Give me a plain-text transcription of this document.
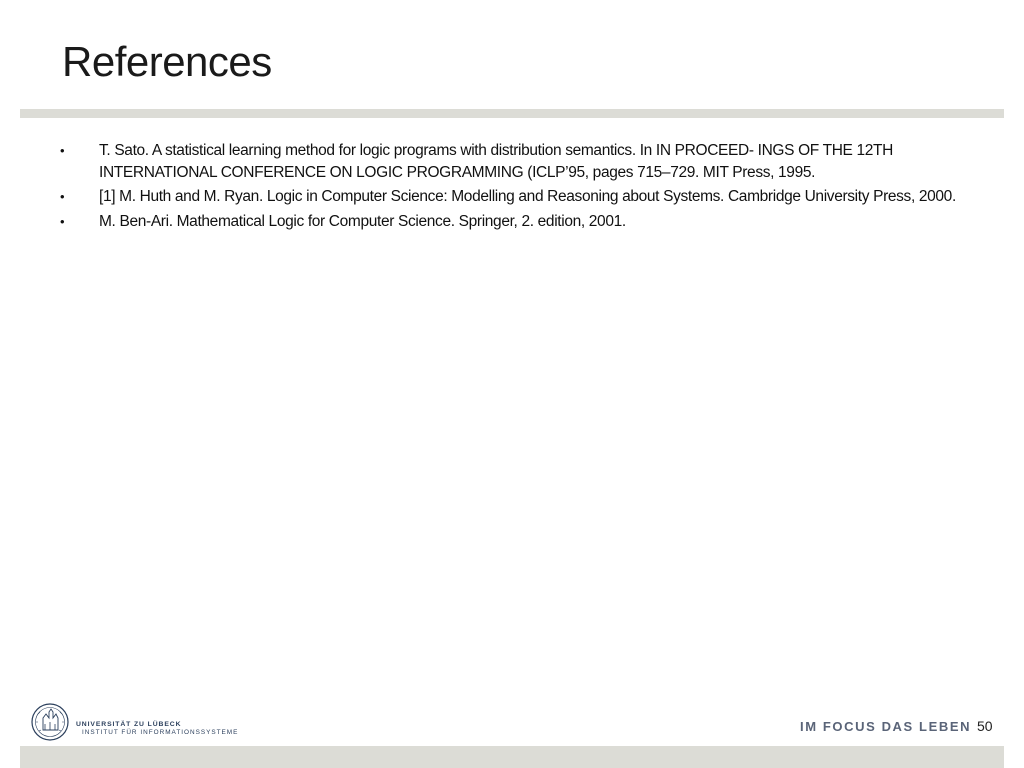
References
• T. Sato. A statistical learning method for logic programs with distribution semantics. In IN PROCEED- INGS OF THE 12TH INTERNATIONAL CONFERENCE ON LOGIC PROGRAMMING (ICLP’95, pages 715–729. MIT Press, 1995.
• [1] M. Huth and M. Ryan. Logic in Computer Science: Modelling and Reasoning about Systems. Cambridge University Press, 2000.
• M. Ben-Ari. Mathematical Logic for Computer Science. Springer, 2. edition, 2001.
UNIVERSITÄT ZU LÜBECK
INSTITUT FÜR INFORMATIONSSYSTEME	IM FOCUS DAS LEBEN 50
